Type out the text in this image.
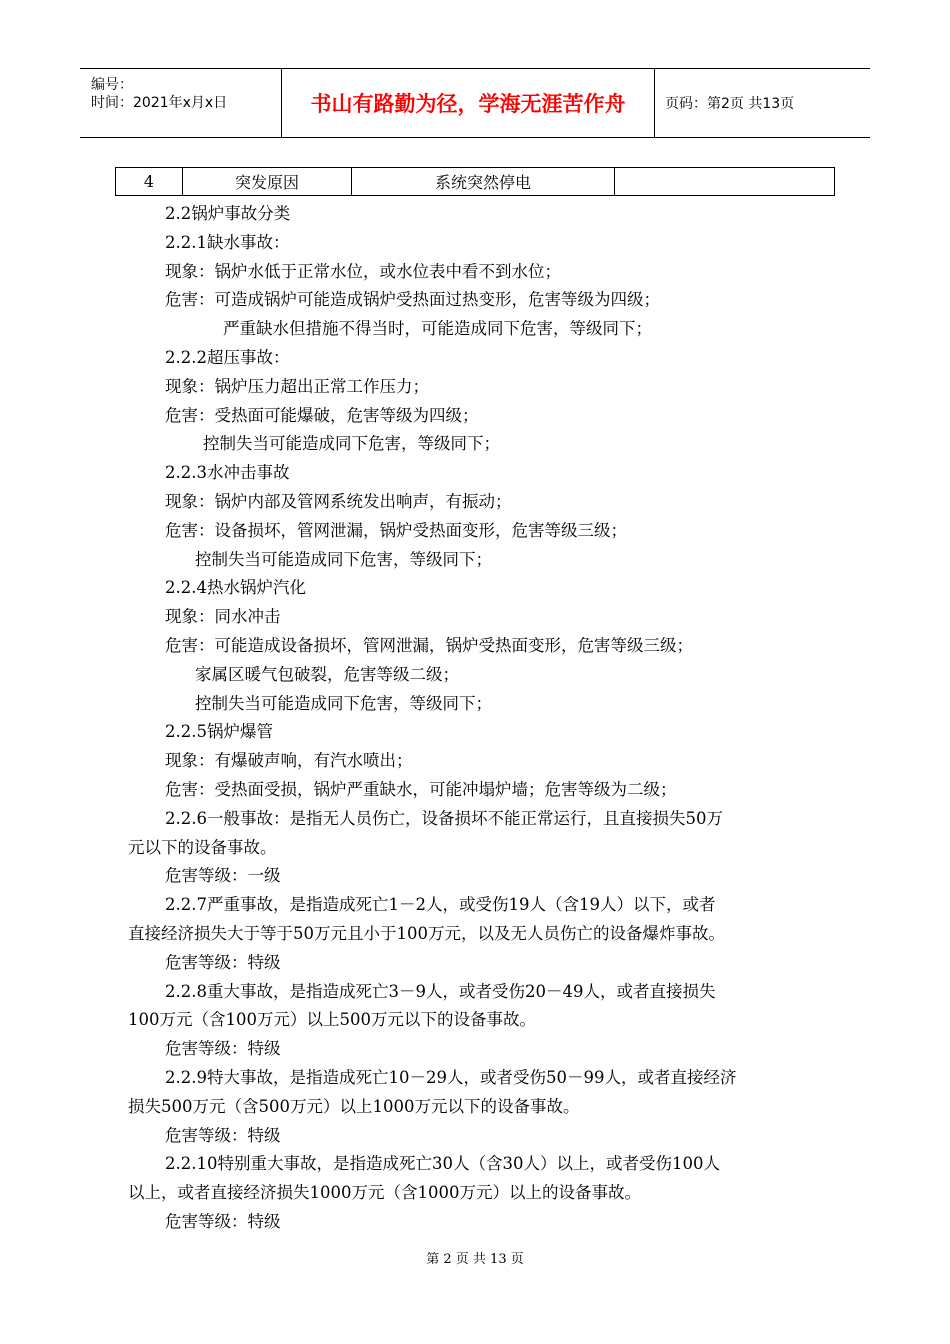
编号：
时间：2021年x月x日	书山有路勤为径，学海无涯苦作舟	页码：第2页 共13页
4	突发原因	系统突然停电	
2.2锅炉事故分类
2.2.1缺水事故：
现象：锅炉水低于正常水位，或水位表中看不到水位；
危害：可造成锅炉可能造成锅炉受热面过热变形，危害等级为四级；
严重缺水但措施不得当时，可能造成同下危害，等级同下；
2.2.2超压事故：
现象：锅炉压力超出正常工作压力；
危害：受热面可能爆破，危害等级为四级；
控制失当可能造成同下危害，等级同下；
2.2.3水冲击事故
现象：锅炉内部及管网系统发出响声，有振动；
危害：设备损坏，管网泄漏，锅炉受热面变形，危害等级三级；
控制失当可能造成同下危害，等级同下；
2.2.4热水锅炉汽化
现象：同水冲击
危害：可能造成设备损坏，管网泄漏，锅炉受热面变形，危害等级三级；
家属区暖气包破裂，危害等级二级；
控制失当可能造成同下危害，等级同下；
2.2.5锅炉爆管
现象：有爆破声响，有汽水喷出；
危害：受热面受损，锅炉严重缺水，可能冲塌炉墙；危害等级为二级；
2.2.6一般事故：是指无人员伤亡，设备损坏不能正常运行，且直接损失50万
元以下的设备事故。
危害等级：一级
2.2.7严重事故，是指造成死亡1－2人，或受伤19人（含19人）以下，或者
直接经济损失大于等于50万元且小于100万元，以及无人员伤亡的设备爆炸事故。
危害等级：特级
2.2.8重大事故，是指造成死亡3－9人，或者受伤20－49人，或者直接损失
100万元（含100万元）以上500万元以下的设备事故。
危害等级：特级
2.2.9特大事故，是指造成死亡10－29人，或者受伤50－99人，或者直接经济
损失500万元（含500万元）以上1000万元以下的设备事故。
危害等级：特级
2.2.10特别重大事故，是指造成死亡30人（含30人）以上，或者受伤100人
以上，或者直接经济损失1000万元（含1000万元）以上的设备事故。
危害等级：特级
第 2 页 共 13 页
